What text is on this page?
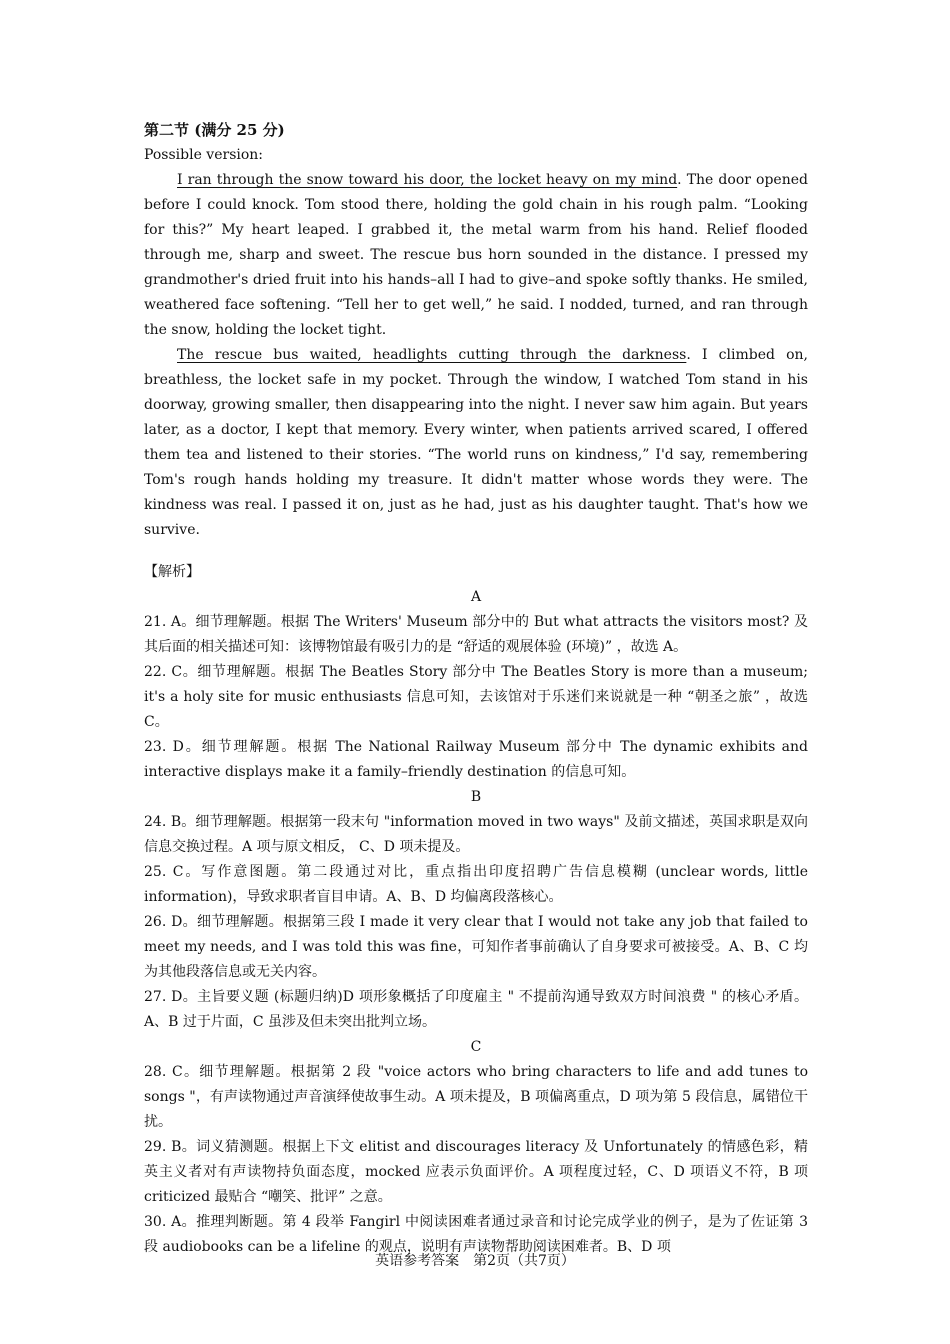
第二节 (满分 25 分)

Possible version:

I ran through the snow toward his door, the locket heavy on my mind. The door opened before I could knock. Tom stood there, holding the gold chain in his rough palm. “Looking for this?” My heart leaped. I grabbed it, the metal warm from his hand. Relief flooded through me, sharp and sweet. The rescue bus horn sounded in the distance. I pressed my grandmother's dried fruit into his hands–all I had to give–and spoke softly thanks. He smiled, weathered face softening. “Tell her to get well,” he said. I nodded, turned, and ran through the snow, holding the locket tight.

The rescue bus waited, headlights cutting through the darkness. I climbed on, breathless, the locket safe in my pocket. Through the window, I watched Tom stand in his doorway, growing smaller, then disappearing into the night. I never saw him again. But years later, as a doctor, I kept that memory. Every winter, when patients arrived scared, I offered them tea and listened to their stories. “The world runs on kindness,” I'd say, remembering Tom's rough hands holding my treasure. It didn't matter whose words they were. The kindness was real. I passed it on, just as he had, just as his daughter taught. That's how we survive.

【解析】

A

21. A。细节理解题。根据 The Writers' Museum 部分中的 But what attracts the visitors most? 及其后面的相关描述可知：该博物馆最有吸引力的是 “舒适的观展体验 (环境)” ，故选 A。

22. C。细节理解题。根据 The Beatles Story 部分中 The Beatles Story is more than a museum; it's a holy site for music enthusiasts 信息可知，去该馆对于乐迷们来说就是一种 “朝圣之旅” ，故选 C。

23. D。细节理解题。根据 The National Railway Museum 部分中 The dynamic exhibits and interactive displays make it a family–friendly destination 的信息可知。

B

24. B。细节理解题。根据第一段末句 "information moved in two ways" 及前文描述，英国求职是双向信息交换过程。A 项与原文相反， C、D 项未提及。

25. C。写作意图题。第二段通过对比，重点指出印度招聘广告信息模糊 (unclear words, little information)，导致求职者盲目申请。A、B、D 均偏离段落核心。

26. D。细节理解题。根据第三段 I made it very clear that I would not take any job that failed to meet my needs, and I was told this was fine，可知作者事前确认了自身要求可被接受。A、B、C 均为其他段落信息或无关内容。

27. D。主旨要义题 (标题归纳)D 项形象概括了印度雇主 " 不提前沟通导致双方时间浪费 " 的核心矛盾。A、B 过于片面，C 虽涉及但未突出批判立场。

C

28. C。细节理解题。根据第 2 段 "voice actors who bring characters to life and add tunes to songs "，有声读物通过声音演绎使故事生动。A 项未提及，B 项偏离重点，D 项为第 5 段信息，属错位干扰。

29. B。词义猜测题。根据上下文 elitist and discourages literacy 及 Unfortunately 的情感色彩，精英主义者对有声读物持负面态度，mocked 应表示负面评价。A 项程度过轻，C、D 项语义不符，B 项 criticized 最贴合 “嘲笑、批评” 之意。

30. A。推理判断题。第 4 段举 Fangirl 中阅读困难者通过录音和讨论完成学业的例子，是为了佐证第 3 段 audiobooks can be a lifeline 的观点，说明有声读物帮助阅读困难者。B、D 项

英语参考答案　第2页（共7页）
